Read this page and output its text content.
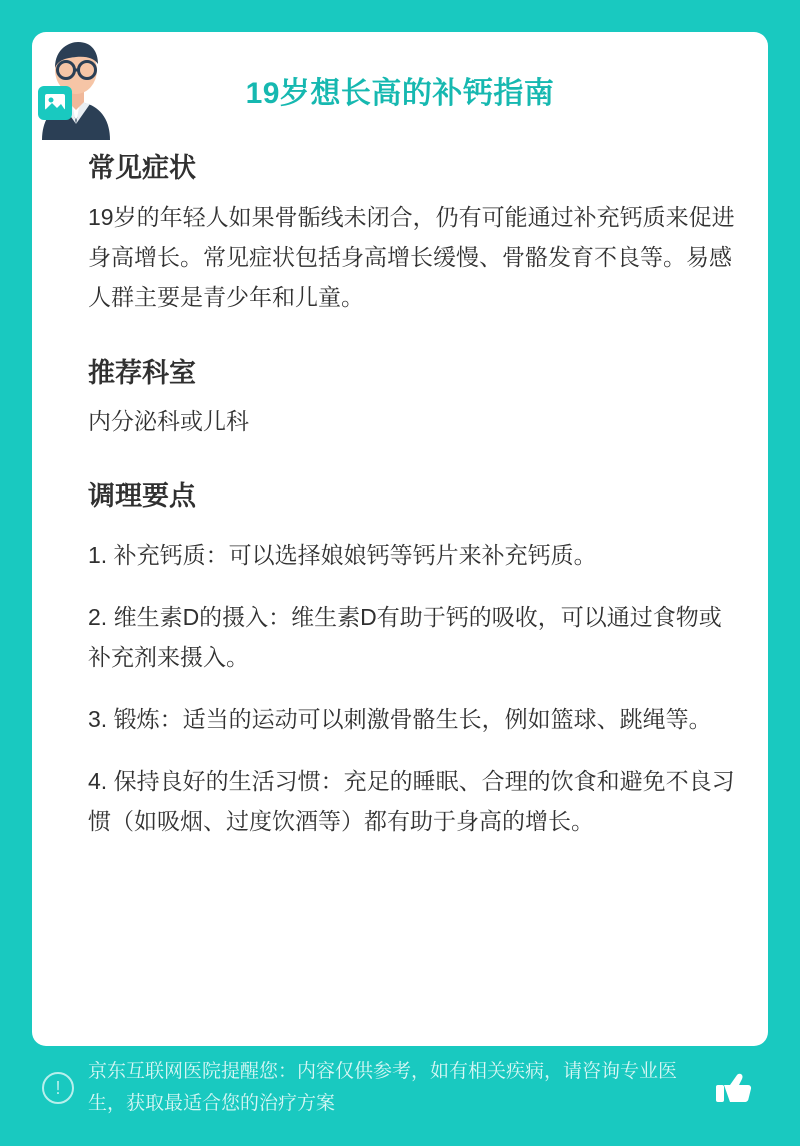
19岁想长高的补钙指南
常见症状

19岁的年轻人如果骨骺线未闭合，仍有可能通过补充钙质来促进身高增长。常见症状包括身高增长缓慢、骨骼发育不良等。易感人群主要是青少年和儿童。

推荐科室

内分泌科或儿科

调理要点

1. 补充钙质：可以选择娘娘钙等钙片来补充钙质。

2. 维生素D的摄入：维生素D有助于钙的吸收，可以通过食物或补充剂来摄入。

3. 锻炼：适当的运动可以刺激骨骼生长，例如篮球、跳绳等。

4. 保持良好的生活习惯：充足的睡眠、合理的饮食和避免不良习惯（如吸烟、过度饮酒等）都有助于身高的增长。

!
京东互联网医院提醒您：内容仅供参考，如有相关疾病，请咨询专业医生，获取最适合您的治疗方案
